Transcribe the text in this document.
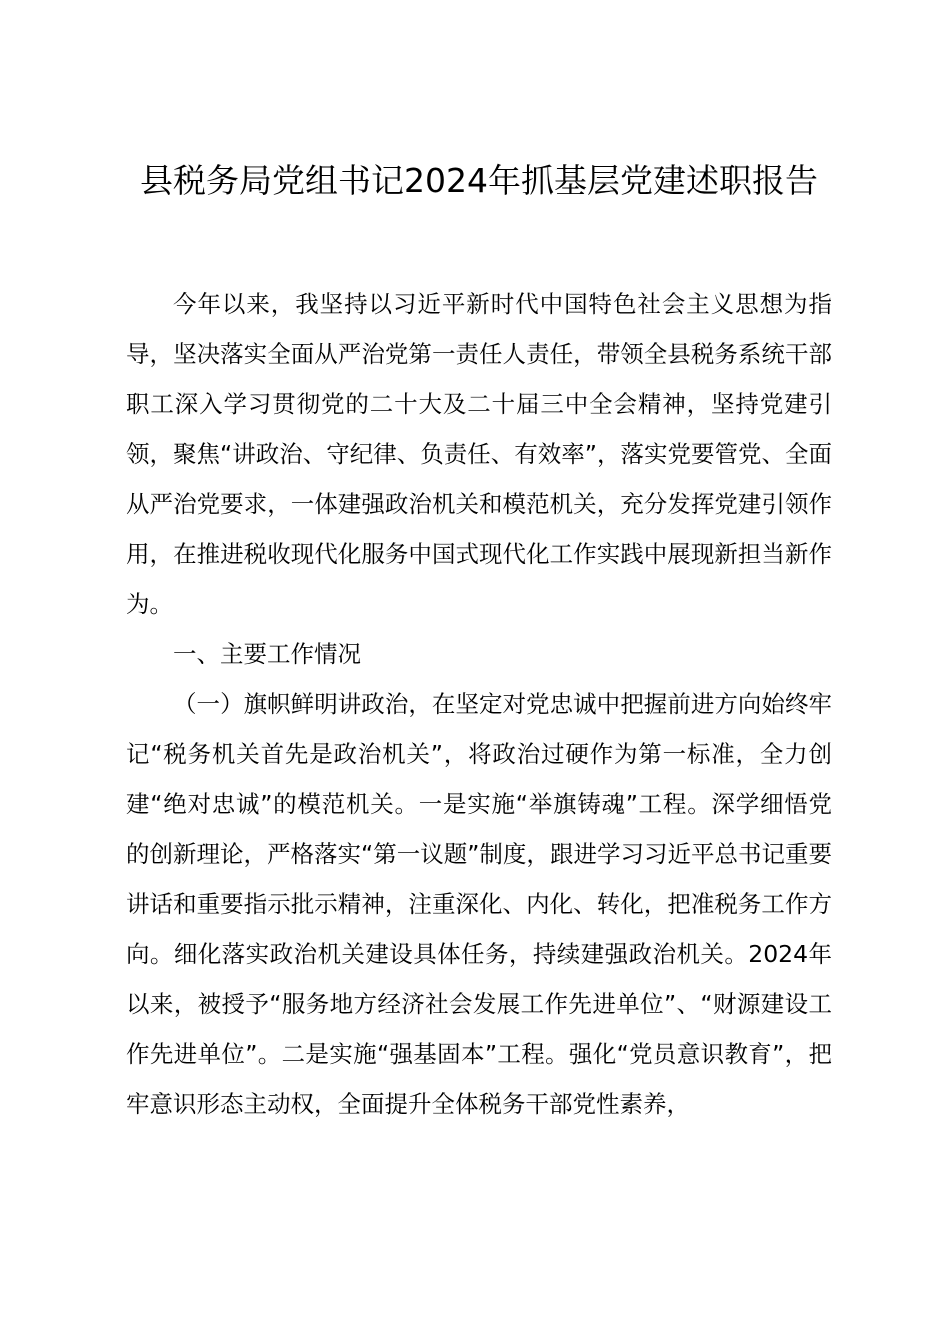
县税务局党组书记2024年抓基层党建述职报告

今年以来，我坚持以习近平新时代中国特色社会主义思想为指导，坚决落实全面从严治党第一责任人责任，带领全县税务系统干部职工深入学习贯彻党的二十大及二十届三中全会精神，坚持党建引领，聚焦“讲政治、守纪律、负责任、有效率”，落实党要管党、全面从严治党要求，一体建强政治机关和模范机关，充分发挥党建引领作用，在推进税收现代化服务中国式现代化工作实践中展现新担当新作为。

一、主要工作情况

（一）旗帜鲜明讲政治，在坚定对党忠诚中把握前进方向始终牢记“税务机关首先是政治机关”，将政治过硬作为第一标准，全力创建“绝对忠诚”的模范机关。一是实施“举旗铸魂”工程。深学细悟党的创新理论，严格落实“第一议题”制度，跟进学习习近平总书记重要讲话和重要指示批示精神，注重深化、内化、转化，把准税务工作方向。细化落实政治机关建设具体任务，持续建强政治机关。2024年以来，被授予“服务地方经济社会发展工作先进单位”、“财源建设工作先进单位”。二是实施“强基固本”工程。强化“党员意识教育”，把牢意识形态主动权，全面提升全体税务干部党性素养，
